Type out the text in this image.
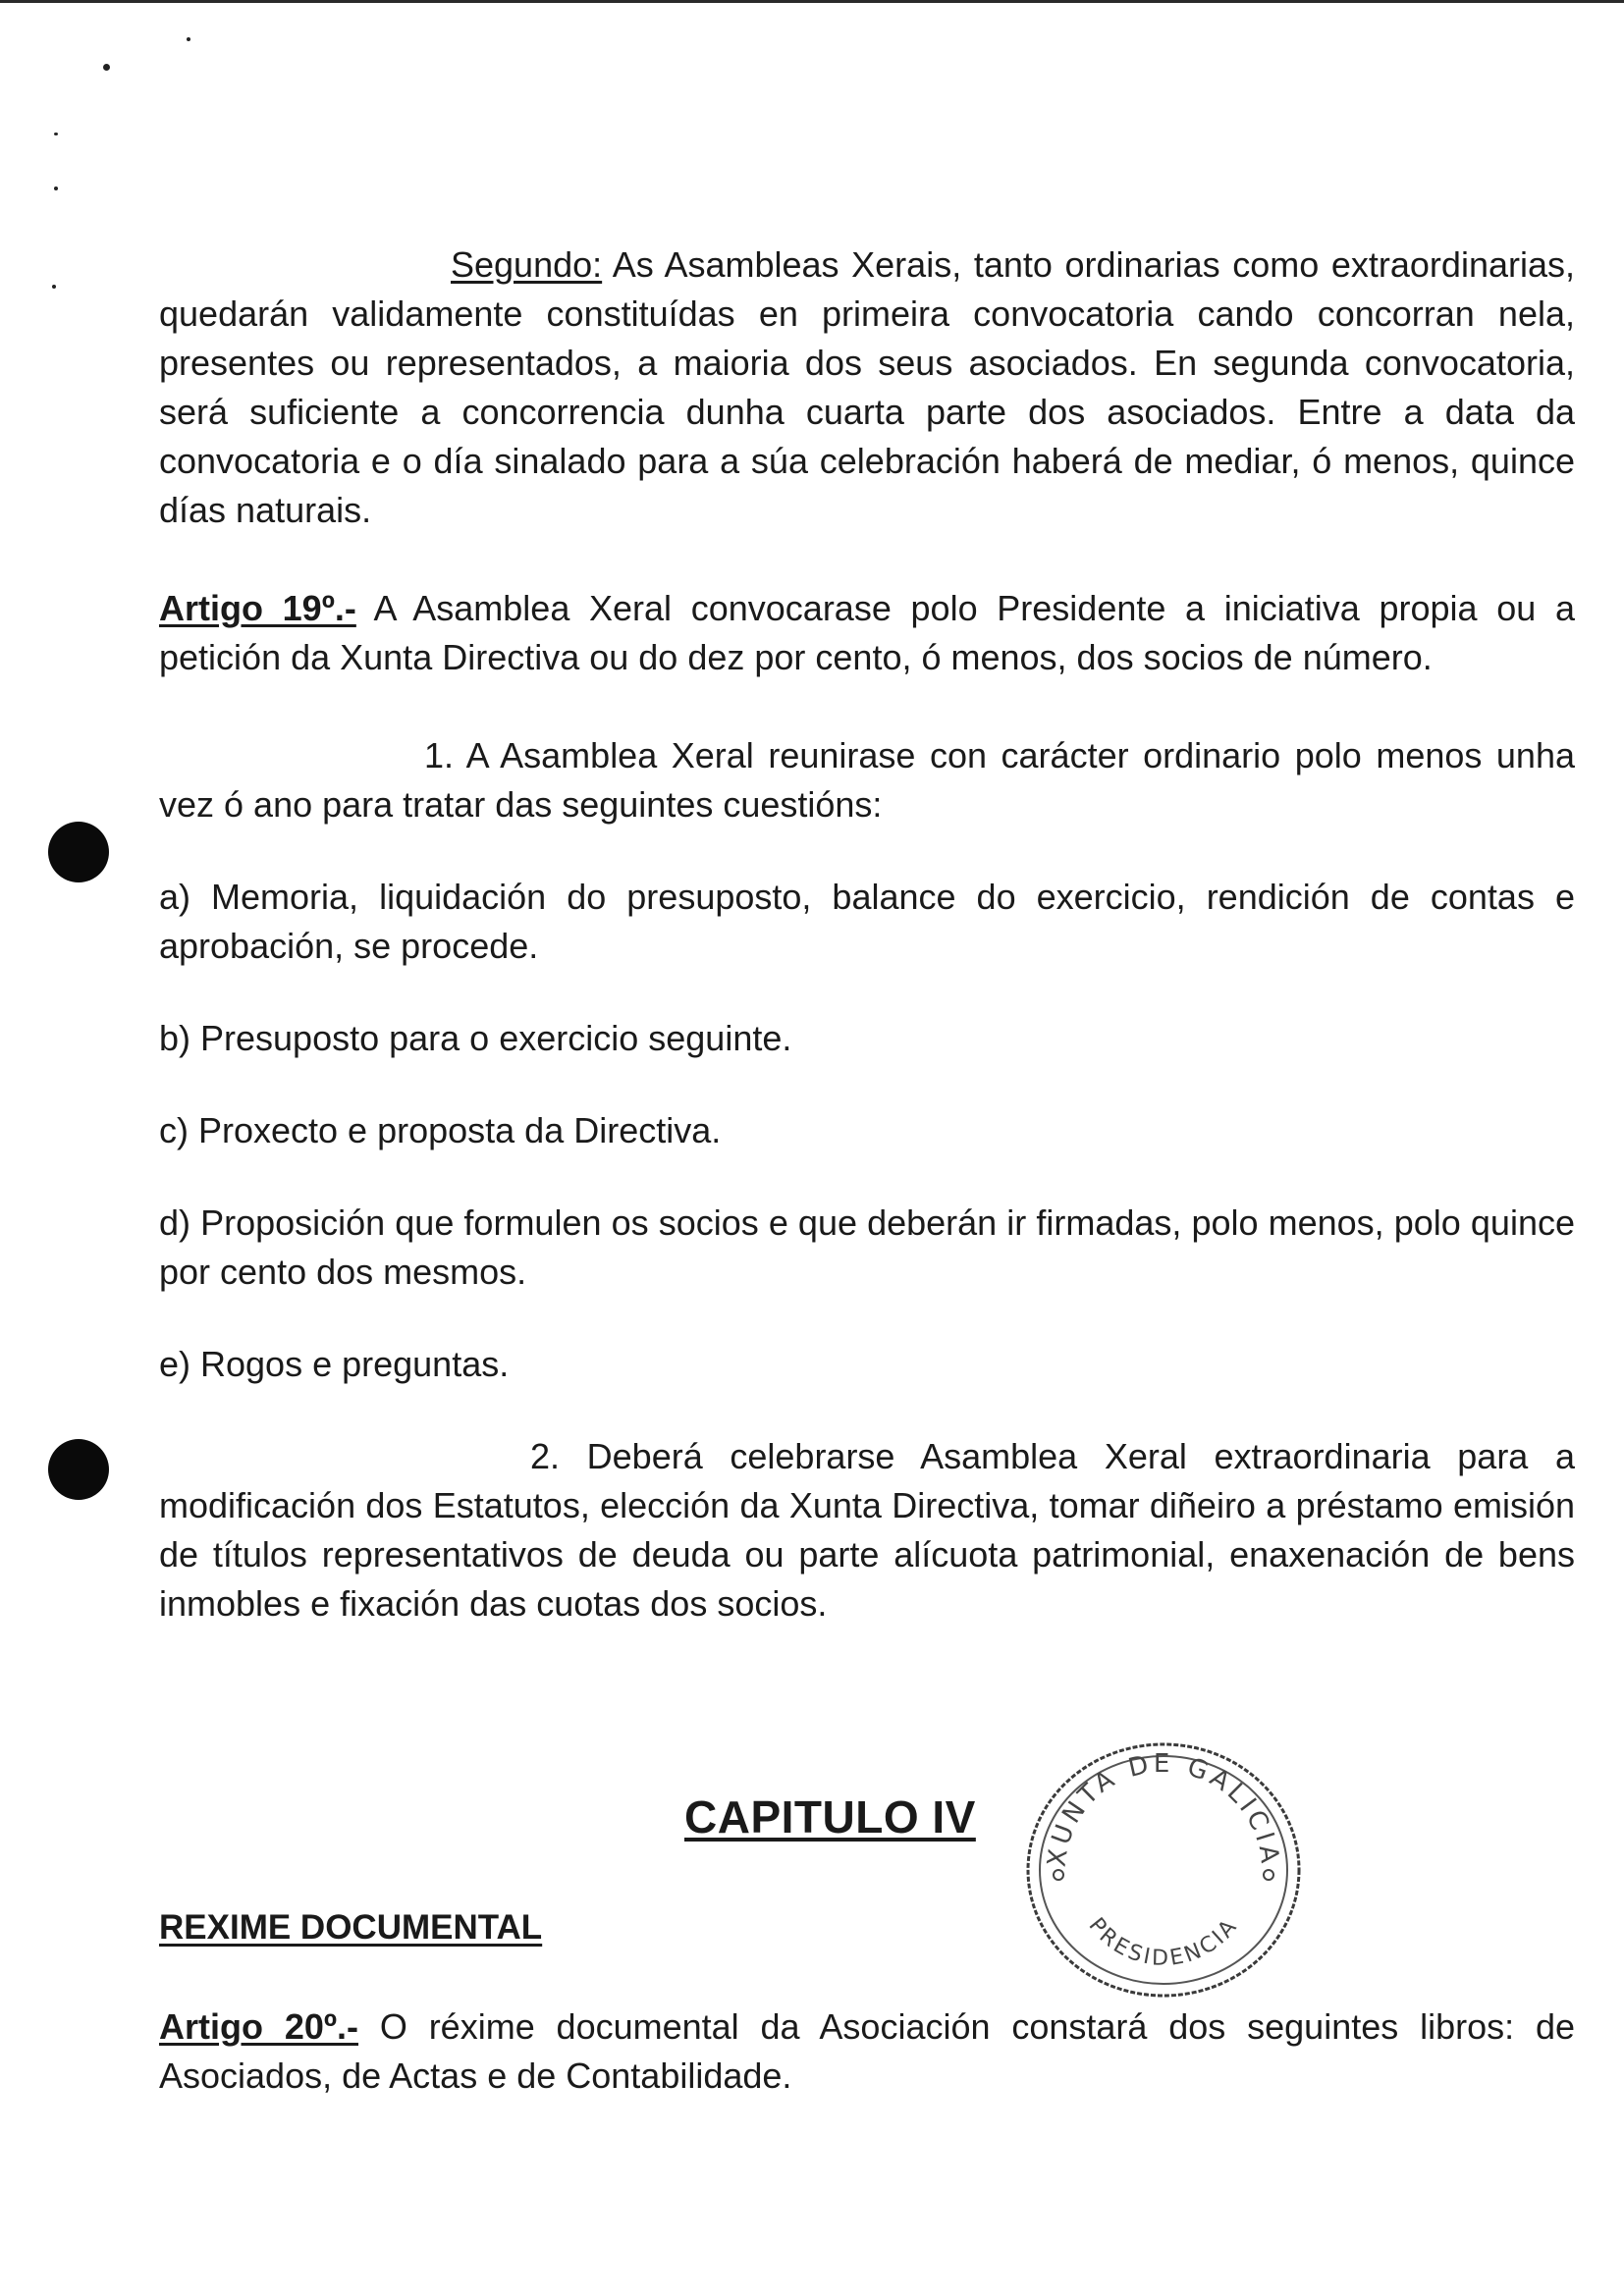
Segundo: As Asambleas Xerais, tanto ordinarias como extraordinarias, quedarán validamente constituídas en primeira convocatoria cando concorran nela, presentes ou representados, a maioria dos seus asociados. En segunda convocatoria, será suficiente a concorrencia dunha cuarta parte dos asociados. Entre a data da convocatoria e o día sinalado para a súa celebración haberá de mediar, ó menos, quince días naturais.

Artigo 19º.- A Asamblea Xeral convocarase polo Presidente a iniciativa propia ou a petición da Xunta Directiva ou do dez por cento, ó menos, dos socios de número.

1. A Asamblea Xeral reunirase con carácter ordinario polo menos unha vez ó ano para tratar das seguintes cuestións:

a) Memoria, liquidación do presuposto, balance do exercicio, rendición de contas e aprobación, se procede.

b) Presuposto para o exercicio seguinte.

c) Proxecto e proposta da Directiva.

d) Proposición que formulen os socios e que deberán ir firmadas, polo menos, polo quince por cento dos mesmos.

e) Rogos e preguntas.

2. Deberá celebrarse Asamblea Xeral extraordinaria para a modificación dos Estatutos, elección da Xunta Directiva, tomar diñeiro a préstamo emisión de títulos representativos de deuda ou parte alícuota patrimonial, enaxenación de bens inmobles e fixación das cuotas dos socios.

CAPITULO IV
XUNTA DE GALICIA
PRESIDENCIA
REXIME DOCUMENTAL

Artigo 20º.- O réxime documental da Asociación constará dos seguintes libros: de Asociados, de Actas e de Contabilidade.
